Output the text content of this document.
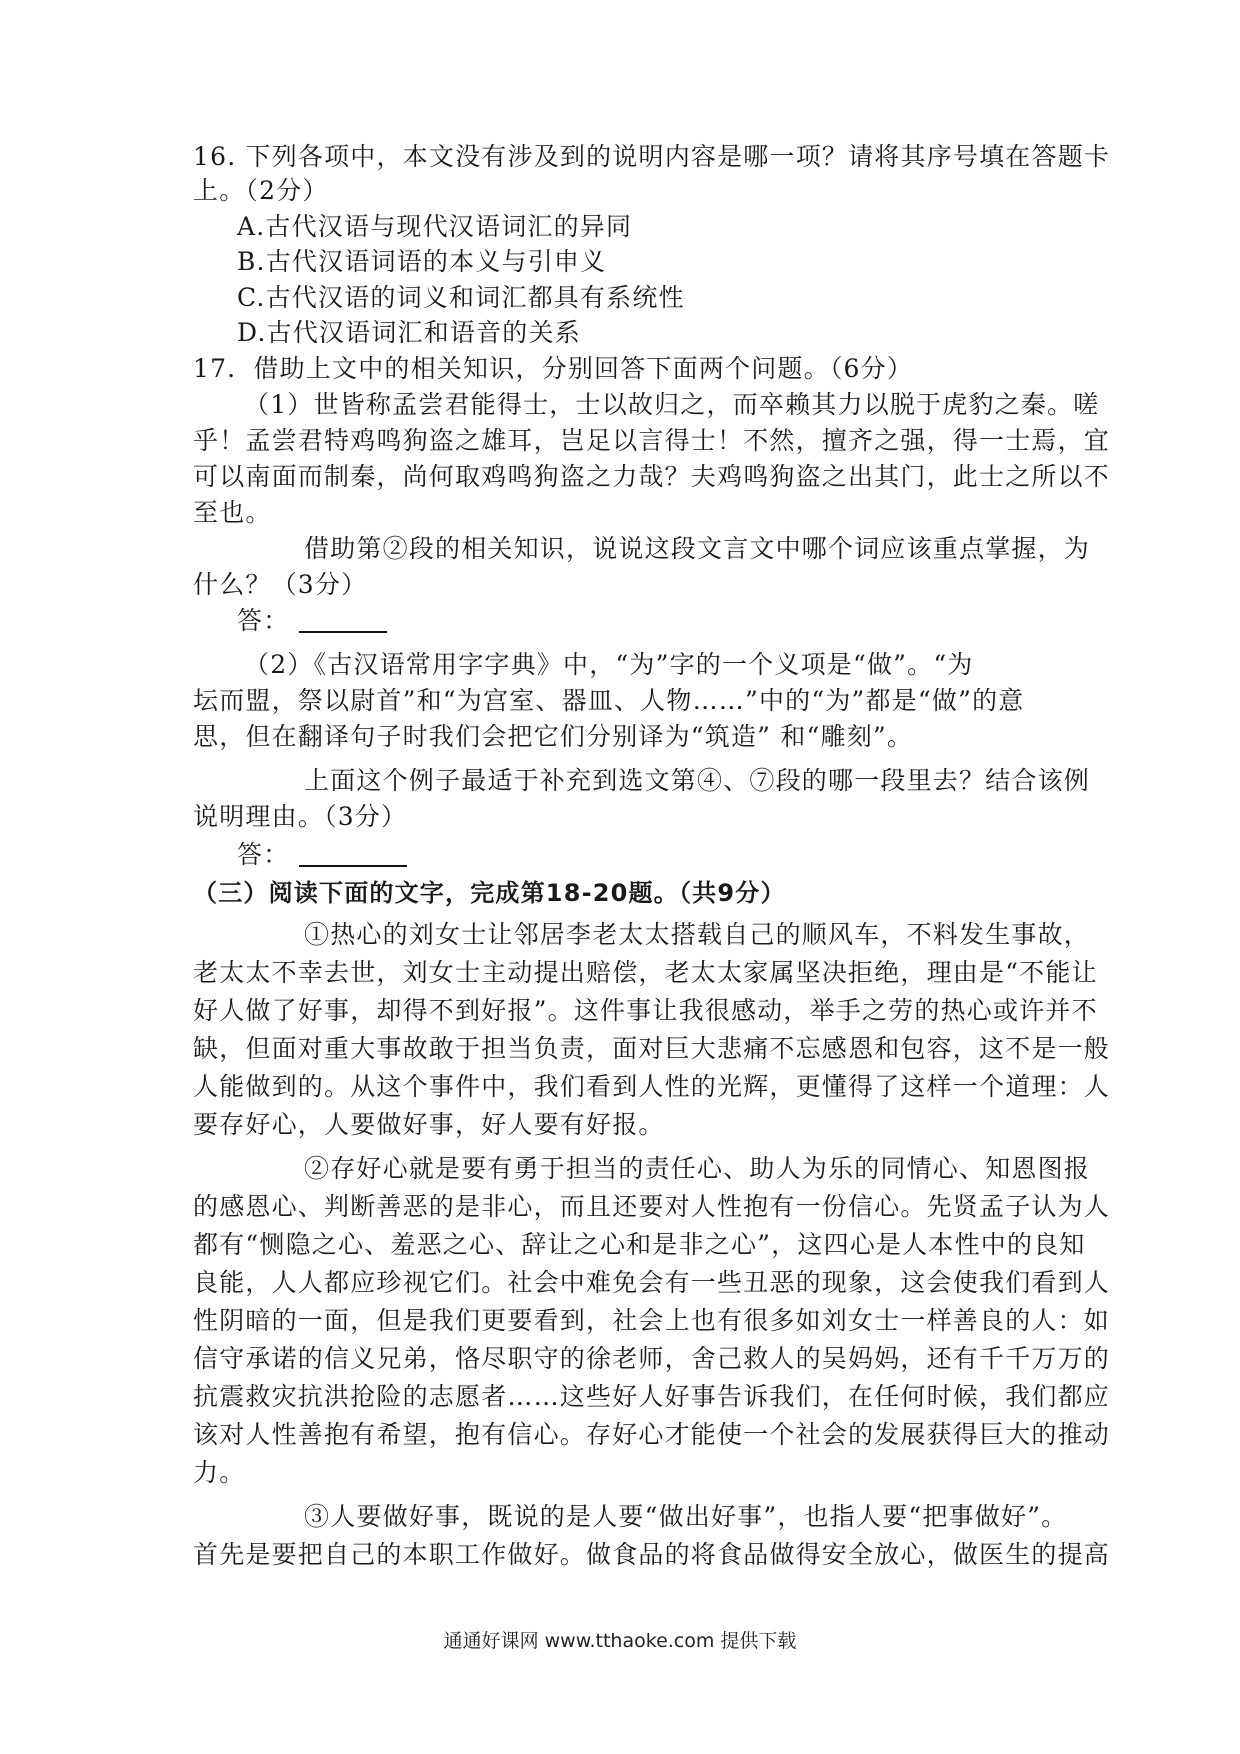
16. 下列各项中，本文没有涉及到的说明内容是哪一项？请将其序号填在答题卡
上。（2分）
A.古代汉语与现代汉语词汇的异同
B.古代汉语词语的本义与引申义
C.古代汉语的词义和词汇都具有系统性
D.古代汉语词汇和语音的关系
17．借助上文中的相关知识，分别回答下面两个问题。（6分）
（1）世皆称孟尝君能得士，士以故归之，而卒赖其力以脱于虎豹之秦。嗟
乎！孟尝君特鸡鸣狗盗之雄耳，岂足以言得士！不然，擅齐之强，得一士焉，宜
可以南面而制秦，尚何取鸡鸣狗盗之力哉？夫鸡鸣狗盗之出其门，此士之所以不
至也。
借助第②段的相关知识，说说这段文言文中哪个词应该重点掌握，为
什么？（3分）
答：
（2）《古汉语常用字字典》中，“为”字的一个义项是“做”。“为
坛而盟，祭以尉首”和“为宫室、器皿、人物……”中的“为”都是“做”的意
思，但在翻译句子时我们会把它们分别译为“筑造” 和“雕刻”。
上面这个例子最适于补充到选文第④、⑦段的哪一段里去？结合该例
说明理由。（3分）
答：
（三）阅读下面的文字，完成第18-20题。（共9分）
①热心的刘女士让邻居李老太太搭载自己的顺风车，不料发生事故，
老太太不幸去世，刘女士主动提出赔偿，老太太家属坚决拒绝，理由是“不能让
好人做了好事，却得不到好报”。这件事让我很感动，举手之劳的热心或许并不
缺，但面对重大事故敢于担当负责，面对巨大悲痛不忘感恩和包容，这不是一般
人能做到的。从这个事件中，我们看到人性的光辉，更懂得了这样一个道理：人
要存好心，人要做好事，好人要有好报。
②存好心就是要有勇于担当的责任心、助人为乐的同情心、知恩图报
的感恩心、判断善恶的是非心，而且还要对人性抱有一份信心。先贤孟子认为人
都有“恻隐之心、羞恶之心、辞让之心和是非之心”，这四心是人本性中的良知
良能，人人都应珍视它们。社会中难免会有一些丑恶的现象，这会使我们看到人
性阴暗的一面，但是我们更要看到，社会上也有很多如刘女士一样善良的人：如
信守承诺的信义兄弟，恪尽职守的徐老师，舍己救人的吴妈妈，还有千千万万的
抗震救灾抗洪抢险的志愿者……这些好人好事告诉我们，在任何时候，我们都应
该对人性善抱有希望，抱有信心。存好心才能使一个社会的发展获得巨大的推动
力。
③人要做好事，既说的是人要“做出好事”，也指人要“把事做好”。
首先是要把自己的本职工作做好。做食品的将食品做得安全放心，做医生的提高
通通好课网 www.tthaoke.com 提供下载
